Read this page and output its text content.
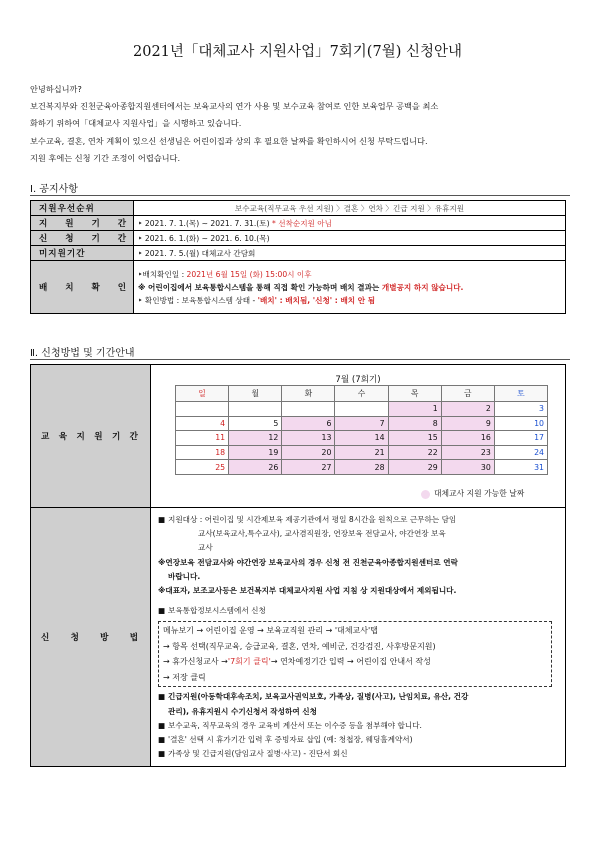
2021년「대체교사 지원사업」7회기(7월) 신청안내
안녕하십니까?
보건복지부와 진천군육아종합지원센터에서는 보육교사의 연가 사용 및 보수교육 참여로 인한 보육업무 공백을 최소
화하기 위하여「대체교사 지원사업」을 시행하고 있습니다.
보수교육, 결혼, 연차 계획이 있으신 선생님은 어린이집과 상의 후 필요한 날짜를 확인하시어 신청 부탁드립니다.
지원 후에는 신청 기간 조정이 어렵습니다.
Ⅰ. 공지사항
지원우선순위	보수교육(직무교육 우선 지원) 〉결혼 〉연차 〉긴급 지원 〉유휴지원
지 원 기 간	‣ 2021. 7. 1.(목) ~ 2021. 7. 31.(토) * 선착순지원 아님
신 청 기 간	‣ 2021. 6. 1.(화) ~ 2021. 6. 10.(목)
미지원기간	‣ 2021. 7. 5.(월) 대체교사 간담회
배 치 확 인	‣배치확인일 : 2021년 6월 15일 (화) 15:00시 이후
※ 어린이집에서 보육통합시스템을 통해 직접 확인 가능하며 배치 결과는 개별공지 하지 않습니다.
‣ 확인방법 : 보육통합시스템 상태 - '배치' : 배치됨, '신청' : 배치 안 됨
Ⅱ. 신청방법 및 기간안내
교 육 지 원 기 간	
7월 (7회기)
일	월	화	수	목	금	토
				1	2	3
4	5	6	7	8	9	10
11	12	13	14	15	16	17
18	19	20	21	22	23	24
25	26	27	28	29	30	31
대체교사 지원 가능한 날짜

신 청 방 법	
■ 지원대상 : 어린이집 및 시간제보육 제공기관에서 평일 8시간을 원칙으로 근무하는 담임
교사(보육교사,특수교사), 교사겸직원장, 연장보육 전담교사, 야간연장 보육
교사
※연장보육 전담교사와 야간연장 보육교사의 경우 신청 전 진천군육아종합지원센터로 연락
바랍니다.
※대표자, 보조교사등은 보건복지부 대체교사지원 사업 지침 상 지원대상에서 제외됩니다.
■ 보육통합정보시스템에서 신청
메뉴보기 → 어린이집 운영 → 보육교직원 관리 → '대체교사'탭
→ 항목 선택(직무교육, 승급교육, 결혼, 연차, 예비군, 건강검진, 사후방문지원)
→ 휴가신청교사 →'7회기 클릭'→ 연차예정기간 입력 → 어린이집 안내서 작성
→ 저장 클릭
■ 긴급지원(아동학대후속조치, 보육교사권익보호, 가족상, 질병(사고), 난임치료, 유산, 건강
관리), 유휴지원시 수기신청서 작성하여 신청
■ 보수교육, 직무교육의 경우 교육비 계산서 또는 이수증 등을 첨부해야 합니다.
■ '결혼' 선택 시 휴가기간 입력 후 증빙자료 삽입 (예: 청첩장, 웨딩홀계약서)
■ 가족상 및 긴급지원(담임교사 질병·사고) - 진단서 회신
